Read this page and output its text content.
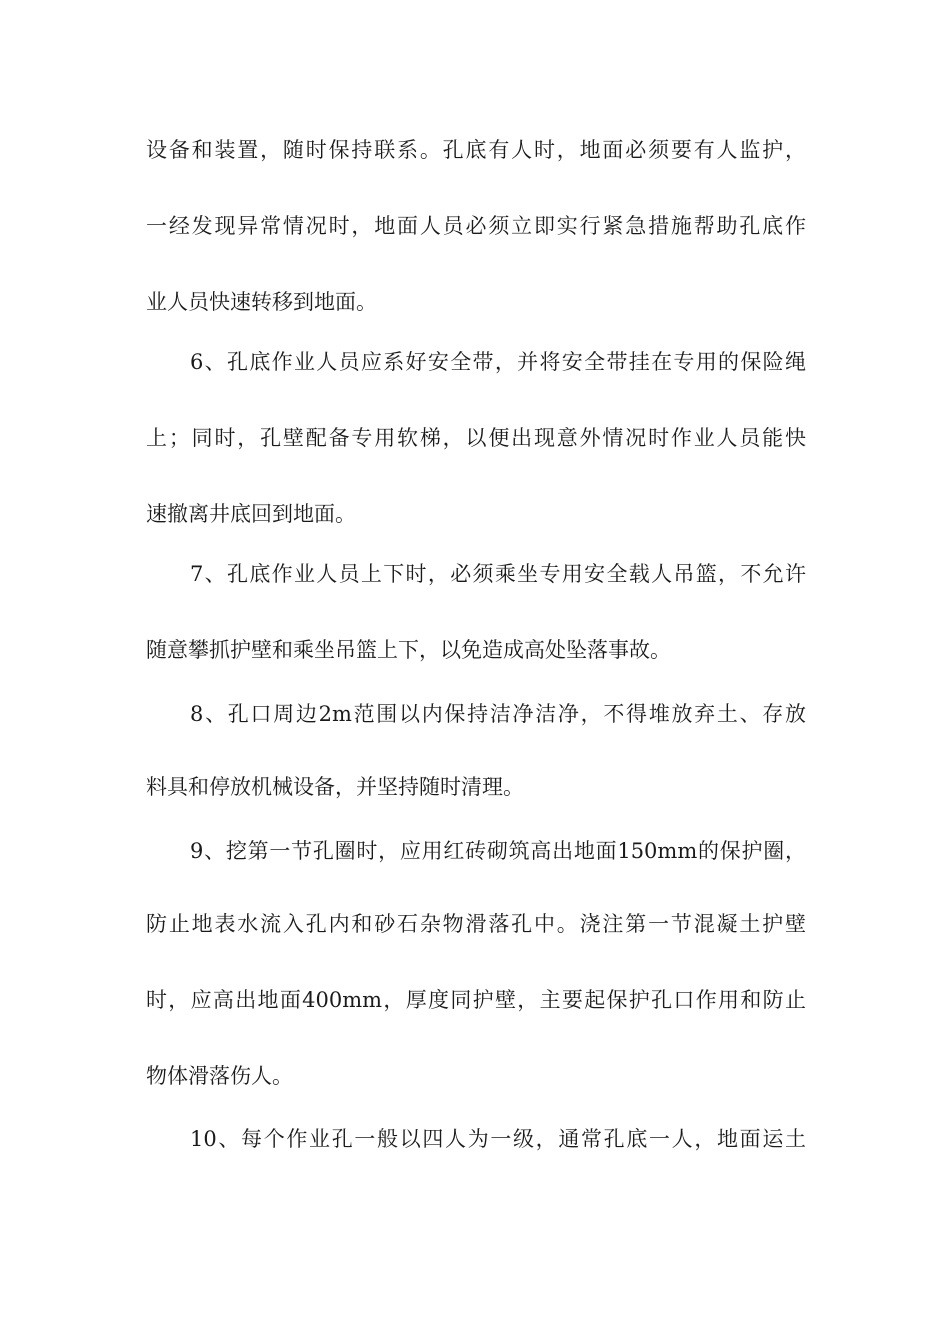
设备和装置，随时保持联系。孔底有人时，地面必须要有人监护，
一经发现异常情况时，地面人员必须立即实行紧急措施帮助孔底作
业人员快速转移到地面。
6、孔底作业人员应系好安全带，并将安全带挂在专用的保险绳
上；同时，孔壁配备专用软梯，以便出现意外情况时作业人员能快
速撤离井底回到地面。
7、孔底作业人员上下时，必须乘坐专用安全载人吊篮，不允许
随意攀抓护壁和乘坐吊篮上下，以免造成高处坠落事故。
8、孔口周边2m范围以内保持洁净洁净，不得堆放弃土、存放
料具和停放机械设备，并坚持随时清理。
9、挖第一节孔圈时，应用红砖砌筑高出地面150mm的保护圈，
防止地表水流入孔内和砂石杂物滑落孔中。浇注第一节混凝土护壁
时，应高出地面400mm，厚度同护壁，主要起保护孔口作用和防止
物体滑落伤人。
10、每个作业孔一般以四人为一级，通常孔底一人，地面运土
